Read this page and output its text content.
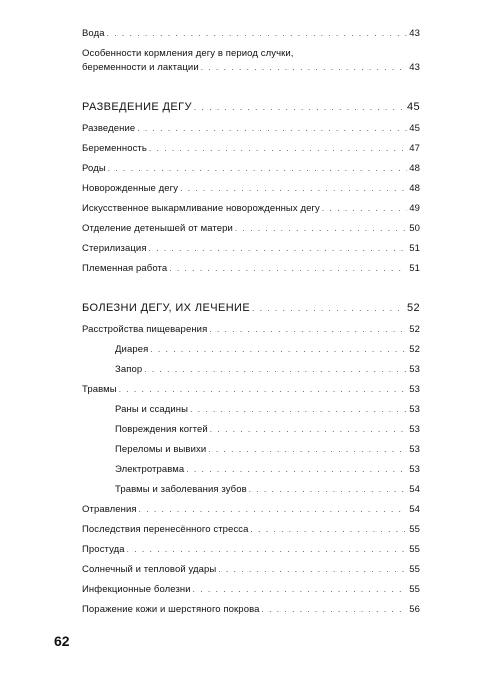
Вода . . .	43
Особенности кормления дегу в период случки,
беременности и лактации . . .	43
РАЗВЕДЕНИЕ ДЕГУ . . .	45
Разведение . . .	45
Беременность . . .	47
Роды . . .	48
Новорожденные дегу . . .	48
Искусственное выкармливание новорожденных дегу . . .	49
Отделение детенышей от матери . . .	50
Стерилизация . . .	51
Племенная работа . . .	51
БОЛЕЗНИ ДЕГУ, ИХ ЛЕЧЕНИЕ . . .	52
Расстройства пищеварения . . .	52
Диарея . . .	52
Запор . . .	53
Травмы . . .	53
Раны и ссадины . . .	53
Повреждения когтей . . .	53
Переломы и вывихи . . .	53
Электротравма . . .	53
Травмы и заболевания зубов . . .	54
Отравления . . .	54
Последствия перенесённого стресса . . .	55
Простуда . . .	55
Солнечный и тепловой удары . . .	55
Инфекционные болезни . . .	55
Поражение кожи и шерстяного покрова . . .	56
62
